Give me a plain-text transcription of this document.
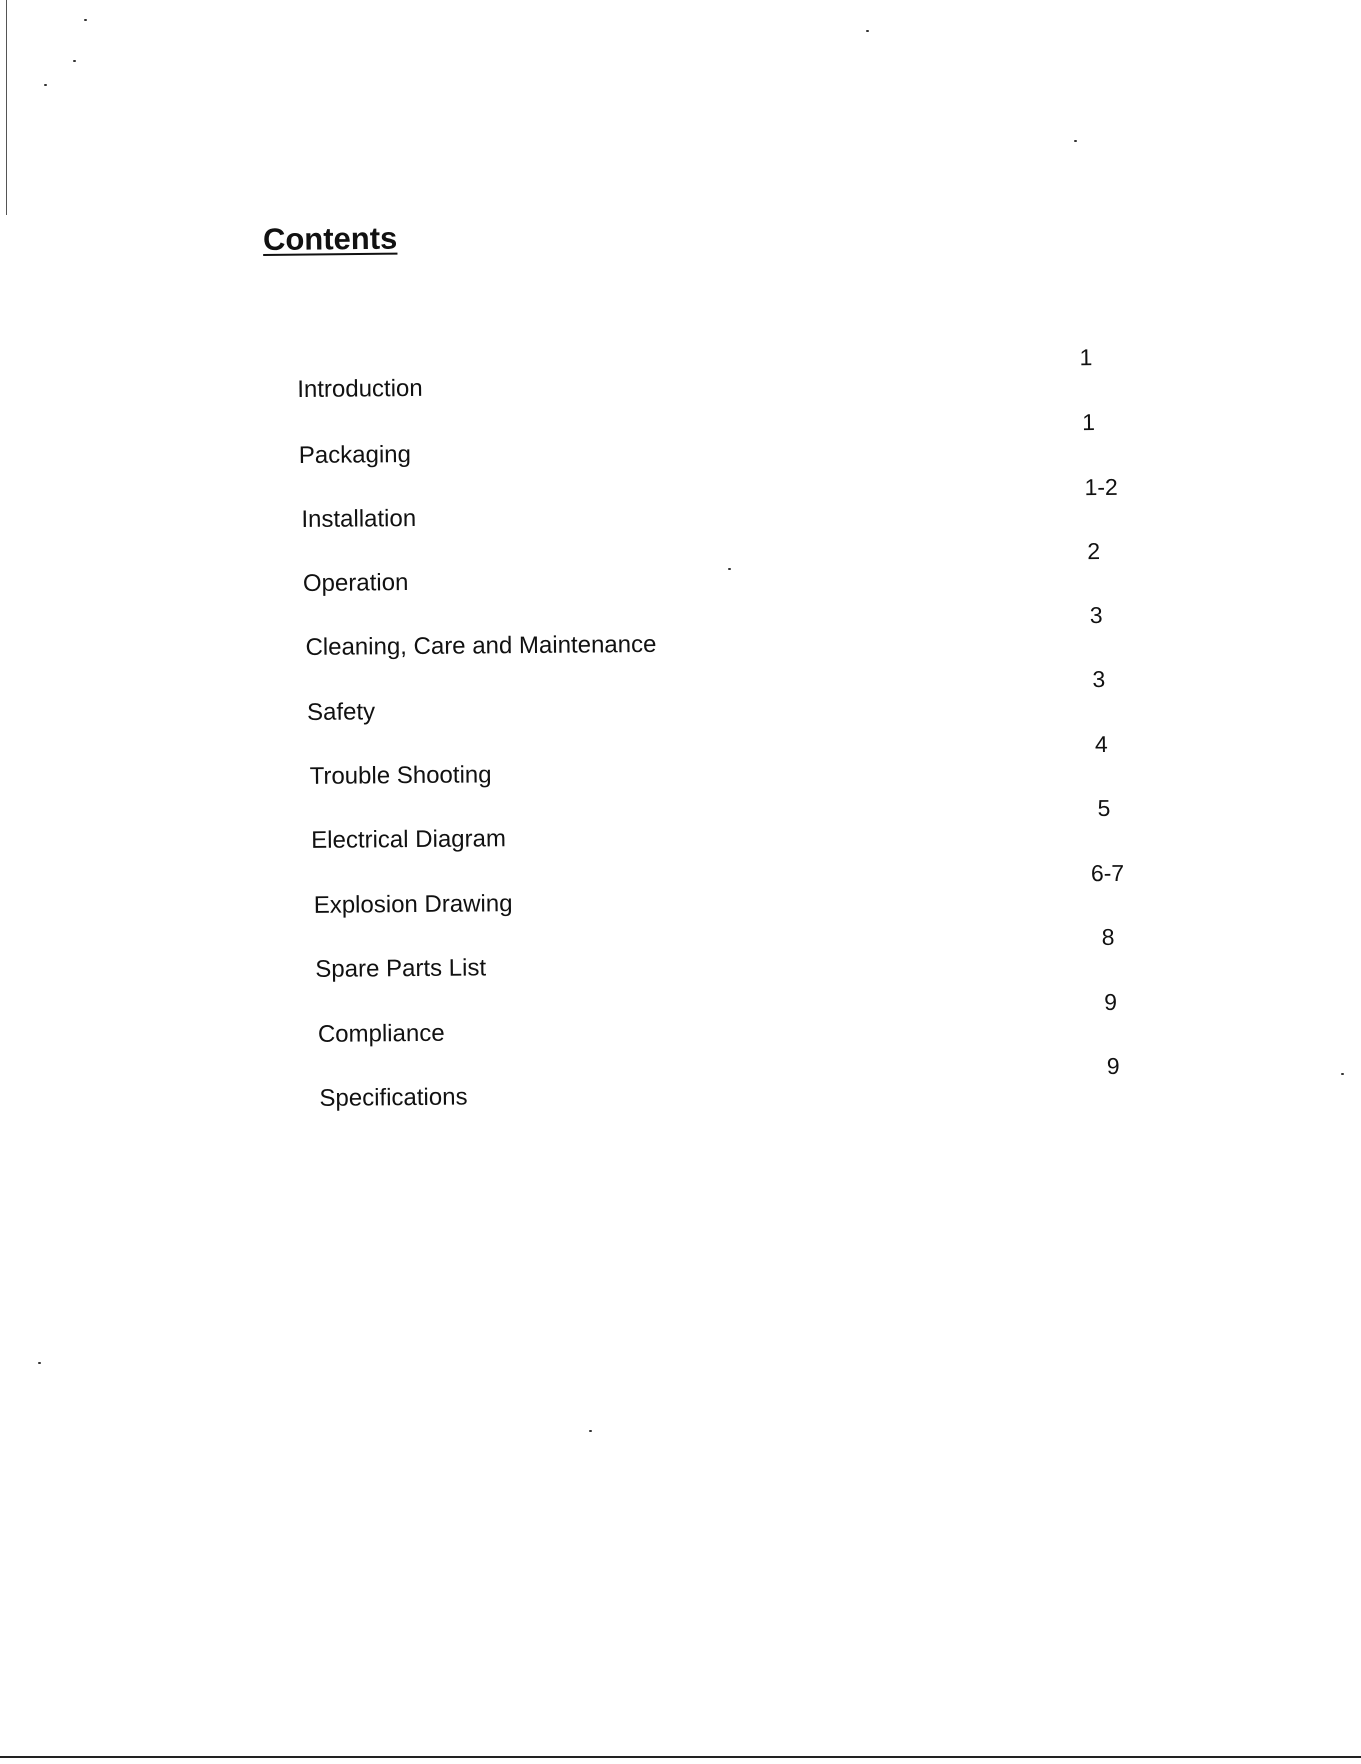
Contents
Introduction
1
Packaging
1
Installation
1-2
Operation
2
Cleaning, Care and Maintenance
3
Safety
3
Trouble Shooting
4
Electrical Diagram
5
Explosion Drawing
6-7
Spare Parts List
8
Compliance
9
Specifications
9
